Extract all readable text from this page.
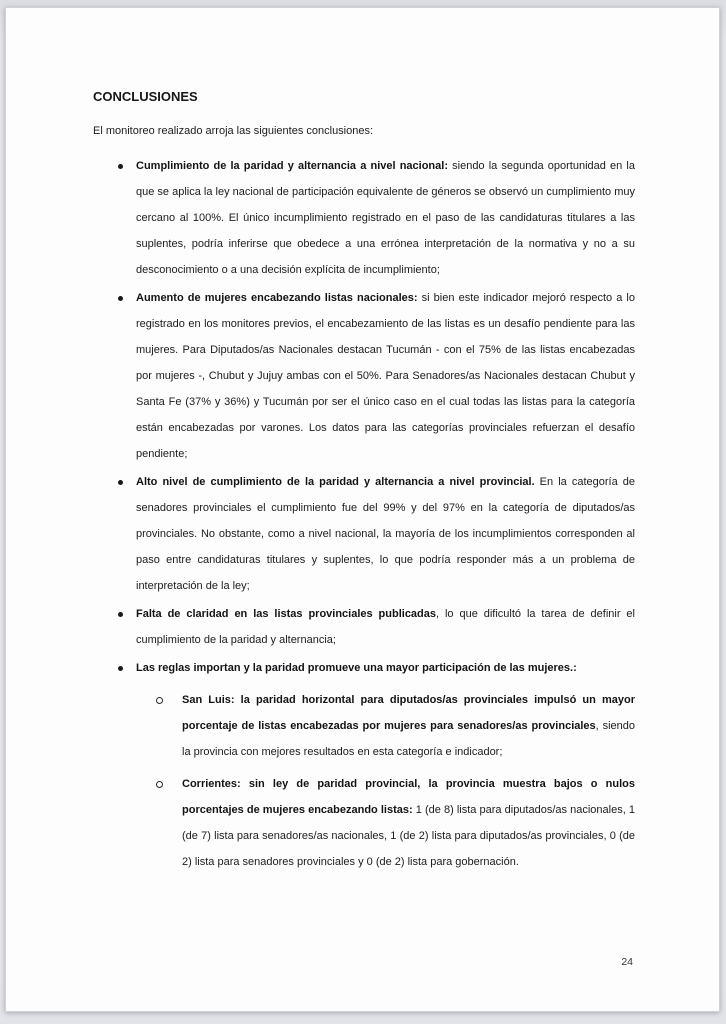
CONCLUSIONES

El monitoreo realizado arroja las siguientes conclusiones:

Cumplimiento de la paridad y alternancia a nivel nacional: siendo la segunda oportunidad en la que se aplica la ley nacional de participación equivalente de géneros se observó un cumplimiento muy cercano al 100%. El único incumplimiento registrado en el paso de las candidaturas titulares a las suplentes, podría inferirse que obedece a una errónea interpretación de la normativa y no a su desconocimiento o a una decisión explícita de incumplimiento;

Aumento de mujeres encabezando listas nacionales: si bien este indicador mejoró respecto a lo registrado en los monitores previos, el encabezamiento de las listas es un desafío pendiente para las mujeres. Para Diputados/as Nacionales destacan Tucumán - con el 75% de las listas encabezadas por mujeres -, Chubut y Jujuy ambas con el 50%. Para Senadores/as Nacionales destacan Chubut y Santa Fe (37% y 36%) y Tucumán por ser el único caso en el cual todas las listas para la categoría están encabezadas por varones. Los datos para las categorías provinciales refuerzan el desafío pendiente;

Alto nivel de cumplimiento de la paridad y alternancia a nivel provincial. En la categoría de senadores provinciales el cumplimiento fue del 99% y del 97% en la categoría de diputados/as provinciales. No obstante, como a nivel nacional, la mayoría de los incumplimientos corresponden al paso entre candidaturas titulares y suplentes, lo que podría responder más a un problema de interpretación de la ley;

Falta de claridad en las listas provinciales publicadas, lo que dificultó la tarea de definir el cumplimiento de la paridad y alternancia;

Las reglas importan y la paridad promueve una mayor participación de las mujeres.:

San Luis: la paridad horizontal para diputados/as provinciales impulsó un mayor porcentaje de listas encabezadas por mujeres para senadores/as provinciales, siendo la provincia con mejores resultados en esta categoría e indicador;

Corrientes: sin ley de paridad provincial, la provincia muestra bajos o nulos porcentajes de mujeres encabezando listas: 1 (de 8) lista para diputados/as nacionales, 1 (de 7) lista para senadores/as nacionales, 1 (de 2) lista para diputados/as provinciales, 0 (de 2) lista para senadores provinciales y 0 (de 2) lista para gobernación.

24
